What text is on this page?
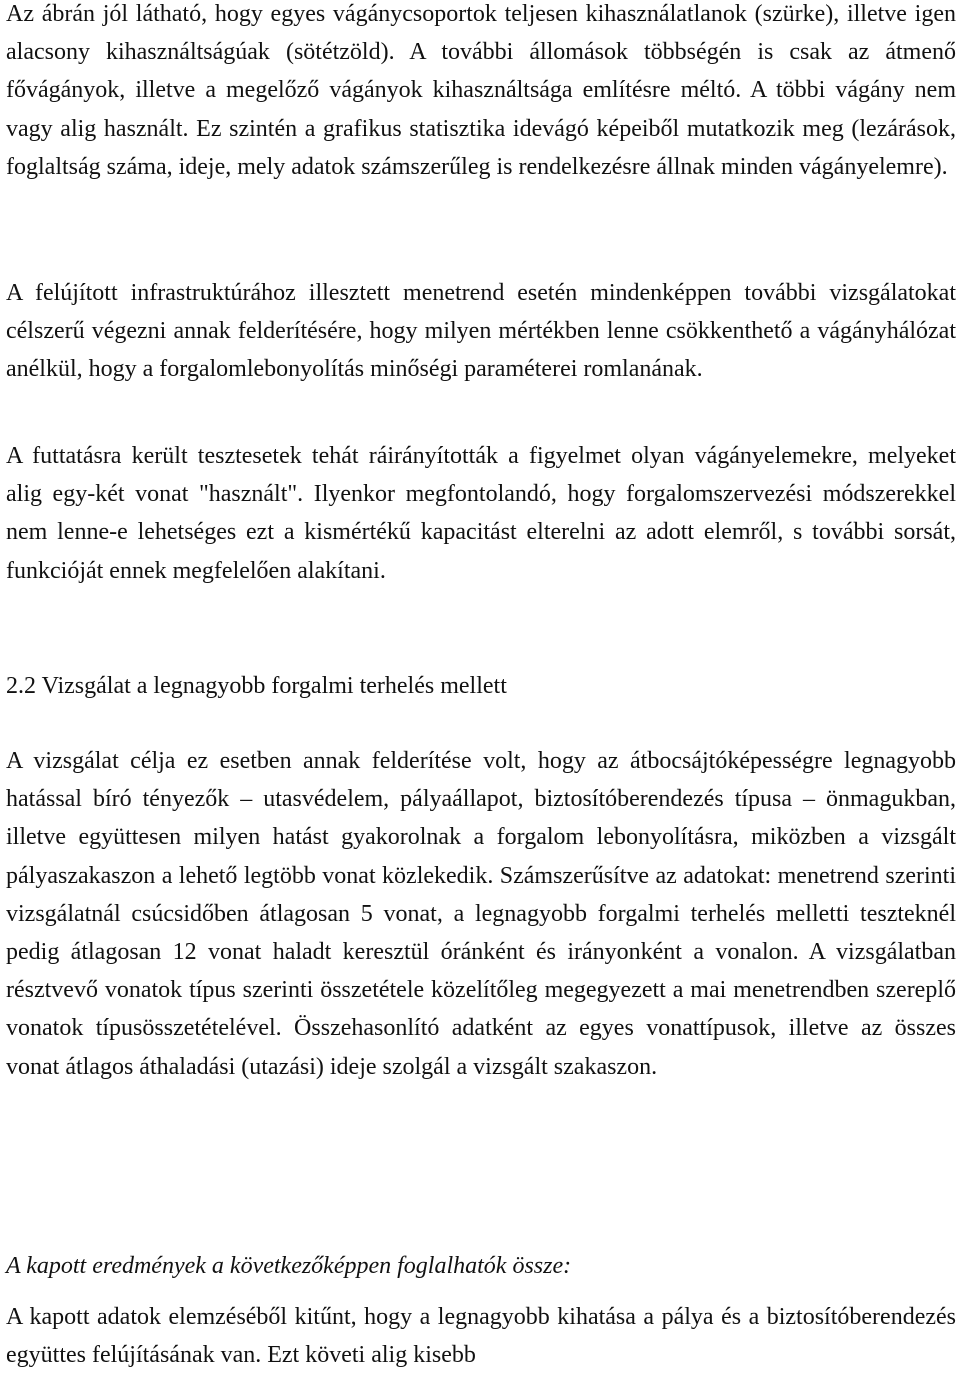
Az ábrán jól látható, hogy egyes vágánycsoportok teljesen kihasználatlanok (szürke), illetve igen alacsony kihasználtságúak (sötétzöld). A további állomások többségén is csak az átmenő fővágányok, illetve a megelőző vágányok kihasználtsága említésre méltó. A többi vágány nem vagy alig használt. Ez szintén a grafikus statisztika idevágó képeiből mutatkozik meg (lezárások, foglaltság száma, ideje, mely adatok számszerűleg is rendelkezésre állnak minden vágányelemre).

A felújított infrastruktúrához illesztett menetrend esetén mindenképpen további vizsgálatokat célszerű végezni annak felderítésére, hogy milyen mértékben lenne csökkenthető a vágányhálózat anélkül, hogy a forgalomlebonyolítás minőségi paraméterei romlanának.

A futtatásra került tesztesetek tehát ráirányították a figyelmet olyan vágányelemekre, melyeket alig egy-két vonat "használt". Ilyenkor megfontolandó, hogy forgalomszervezési módszerekkel nem lenne-e lehetséges ezt a kismértékű kapacitást elterelni az adott elemről, s további sorsát, funkcióját ennek megfelelően alakítani.

2.2 Vizsgálat a legnagyobb forgalmi terhelés mellett

A vizsgálat célja ez esetben annak felderítése volt, hogy az átbocsájtóképességre legnagyobb hatással bíró tényezők – utasvédelem, pályaállapot, biztosítóberendezés típusa – önmagukban, illetve együttesen milyen hatást gyakorolnak a forgalom lebonyolításra, miközben a vizsgált pályaszakaszon a lehető legtöbb vonat közlekedik. Számszerűsítve az adatokat: menetrend szerinti vizsgálatnál csúcsidőben átlagosan 5 vonat, a legnagyobb forgalmi terhelés melletti teszteknél pedig átlagosan 12 vonat haladt keresztül óránként és irányonként a vonalon. A vizsgálatban résztvevő vonatok típus szerinti összetétele közelítőleg megegyezett a mai menetrendben szereplő vonatok típusösszetételével. Összehasonlító adatként az egyes vonattípusok, illetve az összes vonat átlagos áthaladási (utazási) ideje szolgál a vizsgált szakaszon.

A kapott eredmények a következőképpen foglalhatók össze:

A kapott adatok elemzéséből kitűnt, hogy a legnagyobb kihatása a pálya és a biztosítóberendezés együttes felújításának van. Ezt követi alig kisebb
